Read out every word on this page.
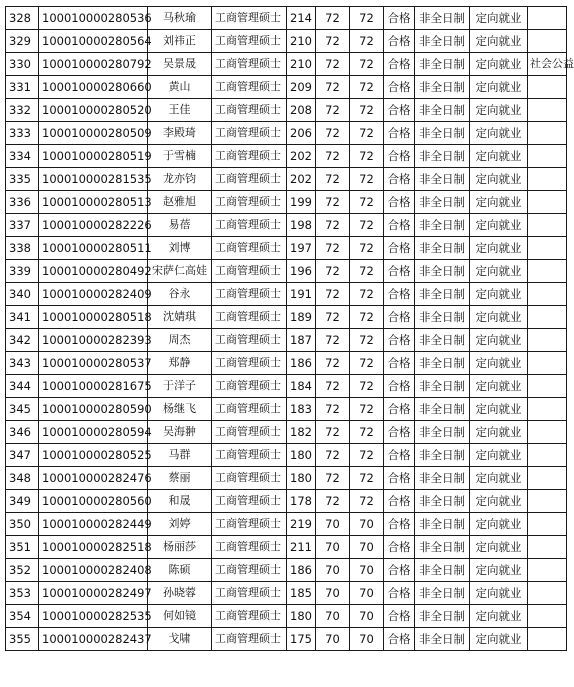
328	100010000280536	马秋瑜	工商管理硕士	214	72	72	合格	非全日制	定向就业	
329	100010000280564	刘祎正	工商管理硕士	210	72	72	合格	非全日制	定向就业	
330	100010000280792	吴景晟	工商管理硕士	210	72	72	合格	非全日制	定向就业	社会公益
331	100010000280660	黄山	工商管理硕士	209	72	72	合格	非全日制	定向就业	
332	100010000280520	王佳	工商管理硕士	208	72	72	合格	非全日制	定向就业	
333	100010000280509	李殿琦	工商管理硕士	206	72	72	合格	非全日制	定向就业	
334	100010000280519	于雪楠	工商管理硕士	202	72	72	合格	非全日制	定向就业	
335	100010000281535	龙亦钧	工商管理硕士	202	72	72	合格	非全日制	定向就业	
336	100010000280513	赵雅旭	工商管理硕士	199	72	72	合格	非全日制	定向就业	
337	100010000282226	易蓓	工商管理硕士	198	72	72	合格	非全日制	定向就业	
338	100010000280511	刘博	工商管理硕士	197	72	72	合格	非全日制	定向就业	
339	100010000280492	宋萨仁高娃	工商管理硕士	196	72	72	合格	非全日制	定向就业	
340	100010000282409	谷永	工商管理硕士	191	72	72	合格	非全日制	定向就业	
341	100010000280518	沈婧琪	工商管理硕士	189	72	72	合格	非全日制	定向就业	
342	100010000282393	周杰	工商管理硕士	187	72	72	合格	非全日制	定向就业	
343	100010000280537	郑静	工商管理硕士	186	72	72	合格	非全日制	定向就业	
344	100010000281675	于洋子	工商管理硕士	184	72	72	合格	非全日制	定向就业	
345	100010000280590	杨继飞	工商管理硕士	183	72	72	合格	非全日制	定向就业	
346	100010000280594	吴海翀	工商管理硕士	182	72	72	合格	非全日制	定向就业	
347	100010000280525	马群	工商管理硕士	180	72	72	合格	非全日制	定向就业	
348	100010000282476	蔡丽	工商管理硕士	180	72	72	合格	非全日制	定向就业	
349	100010000280560	和晟	工商管理硕士	178	72	72	合格	非全日制	定向就业	
350	100010000282449	刘婷	工商管理硕士	219	70	70	合格	非全日制	定向就业	
351	100010000282518	杨丽莎	工商管理硕士	211	70	70	合格	非全日制	定向就业	
352	100010000282408	陈硕	工商管理硕士	186	70	70	合格	非全日制	定向就业	
353	100010000282497	孙晓蓉	工商管理硕士	185	70	70	合格	非全日制	定向就业	
354	100010000282535	何如镜	工商管理硕士	180	70	70	合格	非全日制	定向就业	
355	100010000282437	戈啸	工商管理硕士	175	70	70	合格	非全日制	定向就业	
